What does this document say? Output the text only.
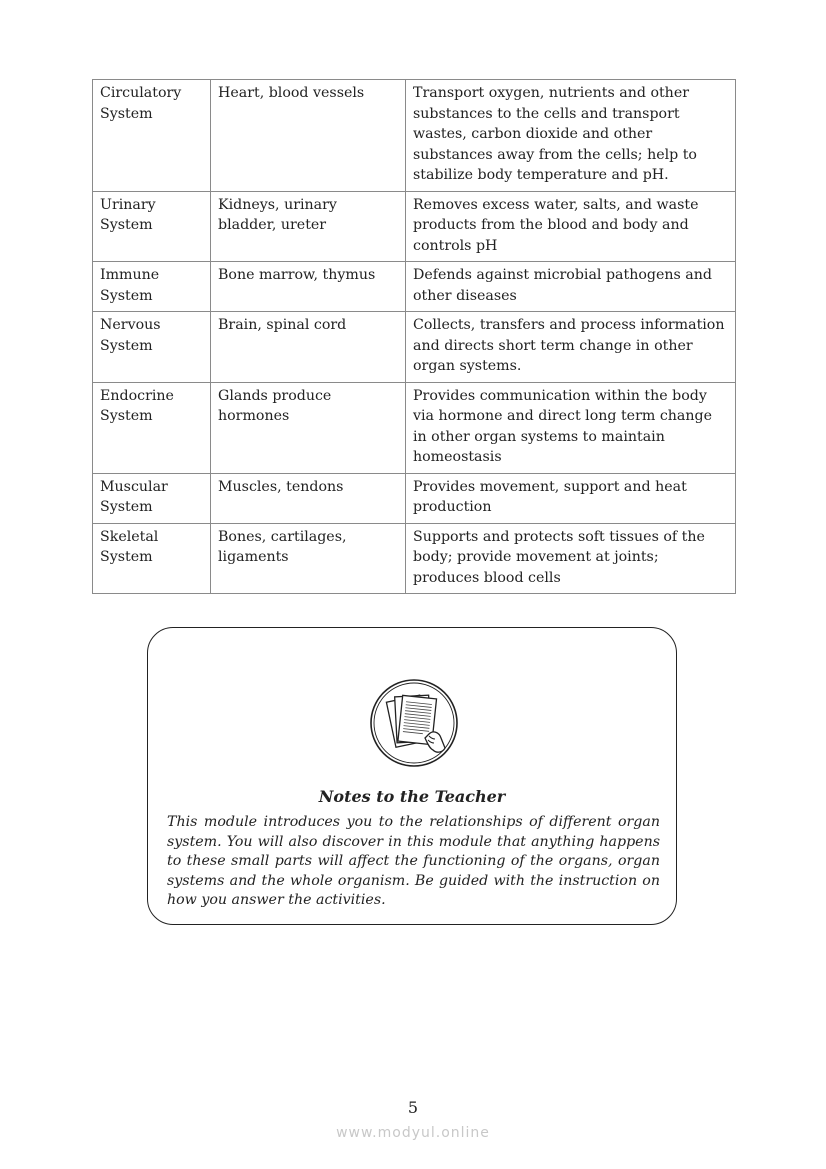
Circulatory System	Heart, blood vessels	Transport oxygen, nutrients and other substances to the cells and transport wastes, carbon dioxide and other substances away from the cells; help to stabilize body temperature and pH.
Urinary System	Kidneys, urinary bladder, ureter	Removes excess water, salts, and waste products from the blood and body and controls pH
Immune System	Bone marrow, thymus	Defends against microbial pathogens and other diseases
Nervous System	Brain, spinal cord	Collects, transfers and process information and directs short term change in other organ systems.
Endocrine System	Glands produce hormones	Provides communication within the body via hormone and direct long term change in other organ systems to maintain homeostasis
Muscular System	Muscles, tendons	Provides movement, support and heat production
Skeletal System	Bones, cartilages, ligaments	Supports and protects soft tissues of the body; provide movement at joints; produces blood cells
Notes to the Teacher
This module introduces you to the relationships of different organ system. You will also discover in this module that anything happens to these small parts will affect the functioning of the organs, organ systems and the whole organism. Be guided with the instruction on how you answer the activities.
5
www.modyul.online
